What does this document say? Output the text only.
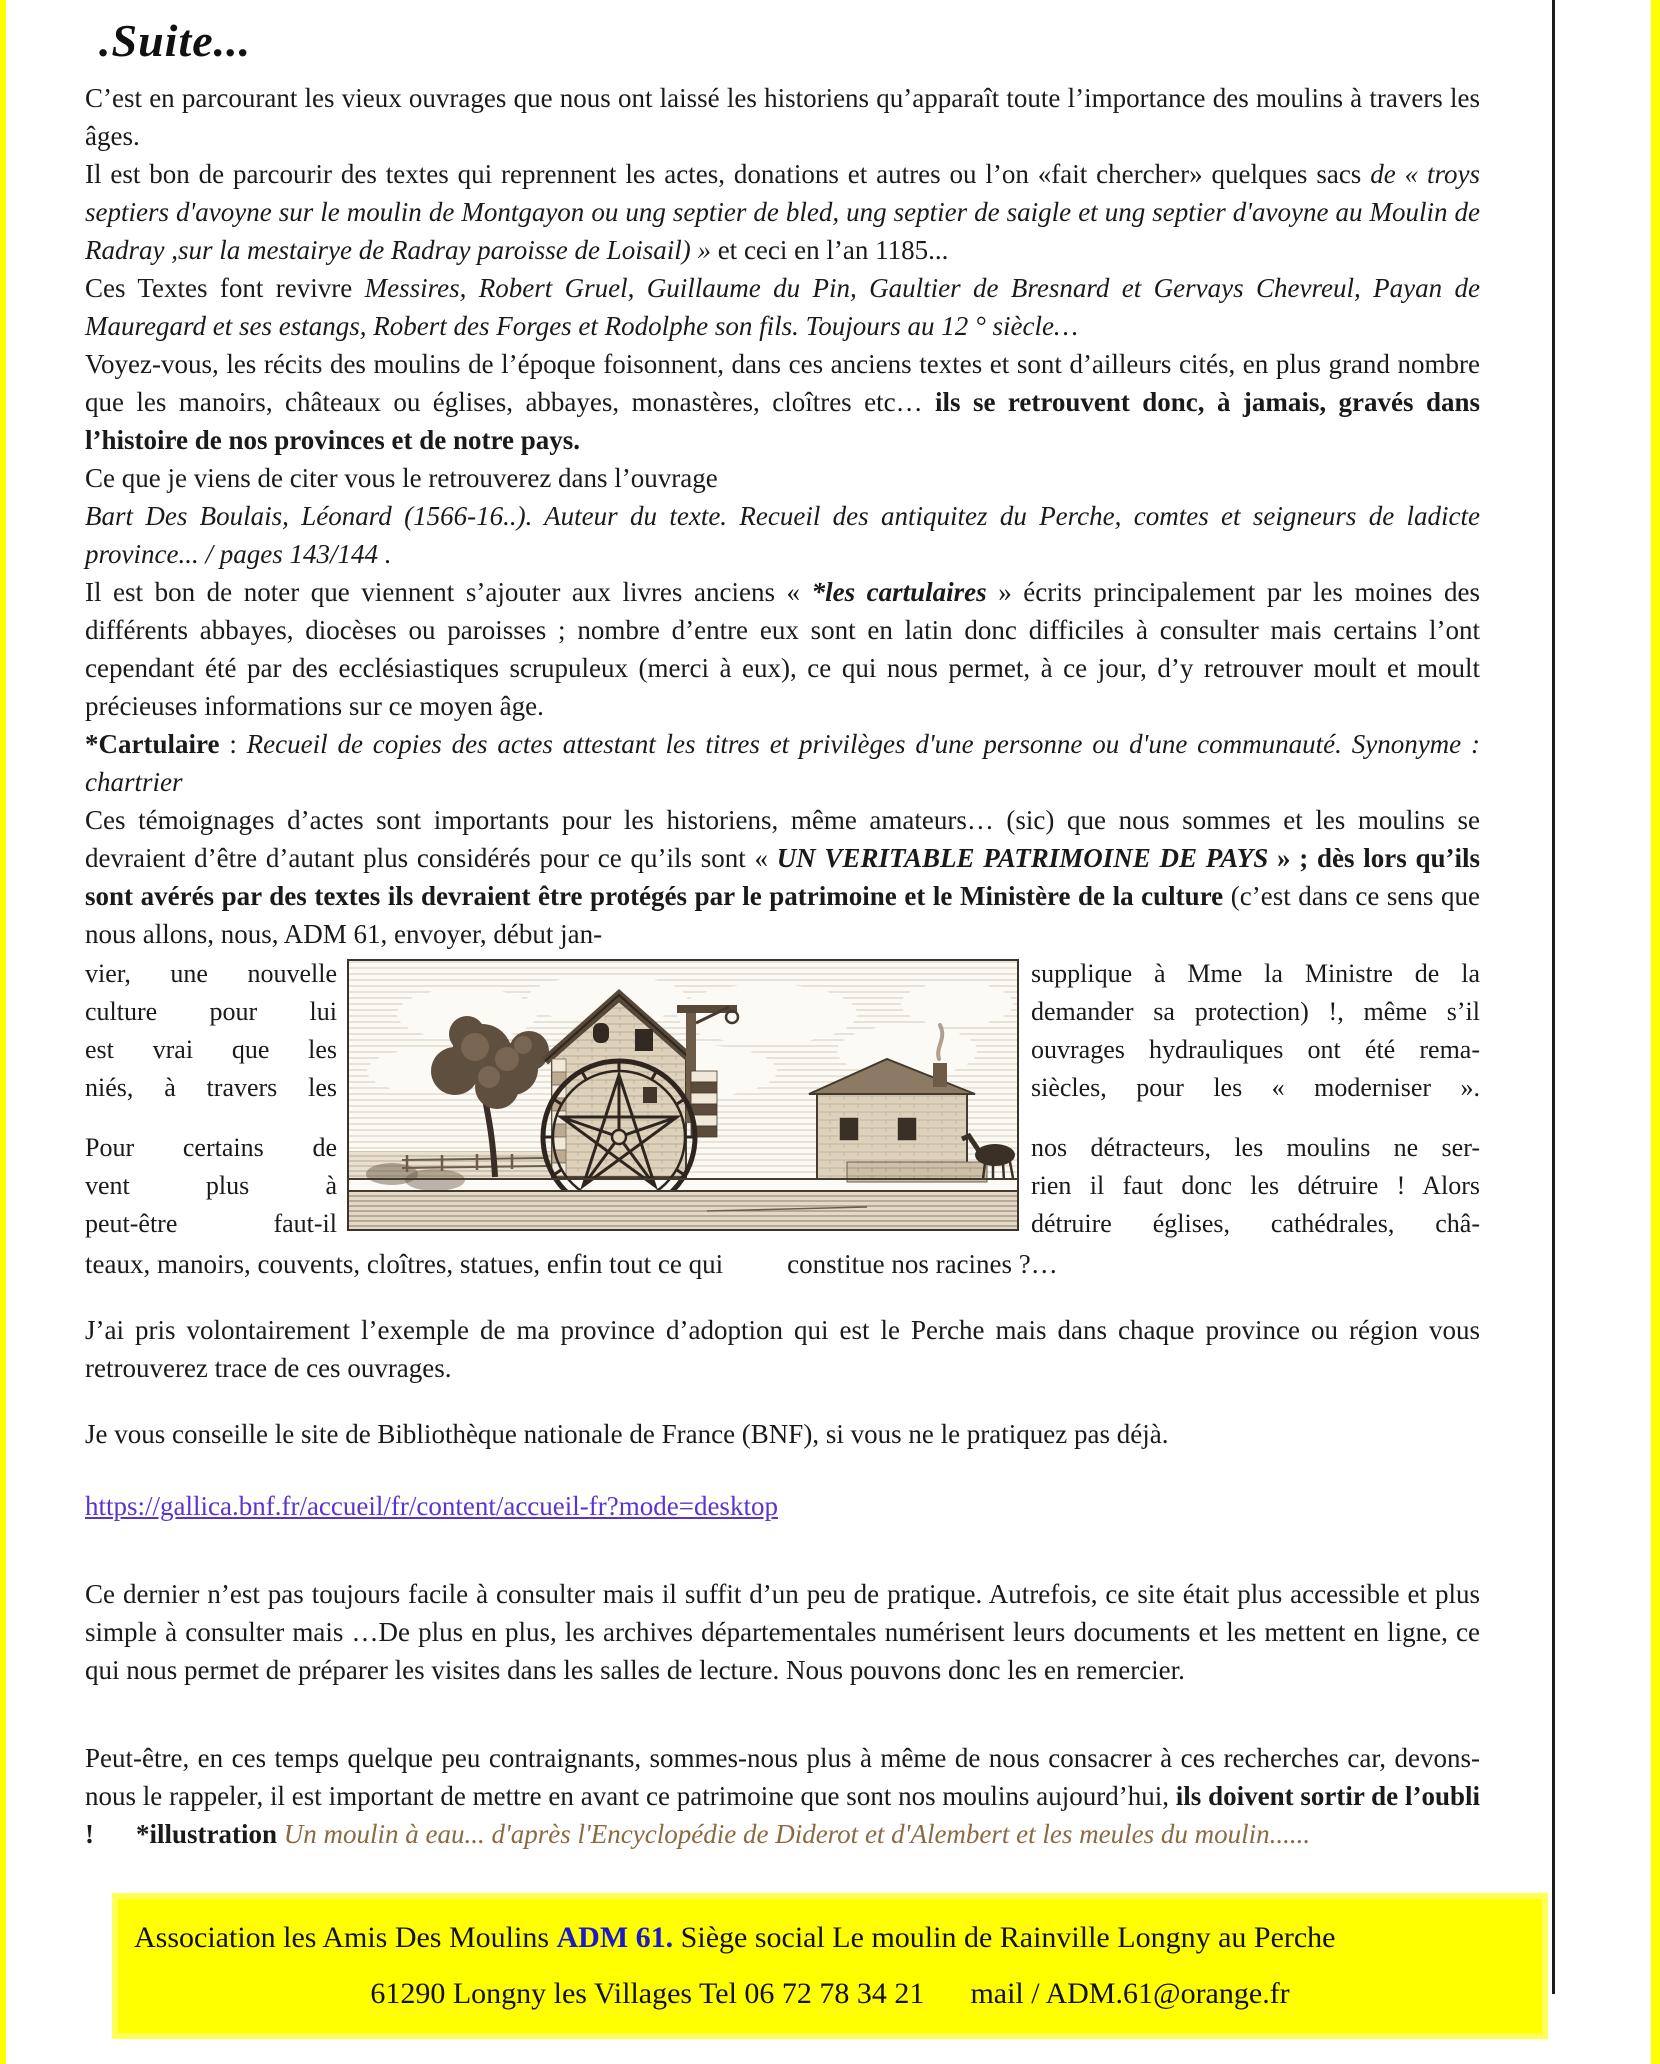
.Suite...

C’est en parcourant les vieux ouvrages que nous ont laissé les historiens qu’apparaît toute l’importance des moulins à travers les âges.

Il est bon de parcourir des textes qui reprennent les actes, donations et autres ou l’on «fait chercher» quelques sacs de « troys septiers d'avoyne sur le moulin de Montgayon ou ung septier de bled, ung septier de saigle et ung septier d'avoyne au Moulin de Radray ,sur la mestairye de Radray paroisse de Loisail) » et ceci en l’an 1185...

Ces Textes font revivre Messires, Robert Gruel, Guillaume du Pin, Gaultier de Bresnard et Gervays Chevreul, Payan de Mauregard et ses estangs, Robert des Forges et Rodolphe son fils. Toujours au 12 ° siècle…

Voyez-vous, les récits des moulins de l’époque foisonnent, dans ces anciens textes et sont d’ailleurs cités, en plus grand nombre que les manoirs, châteaux ou églises, abbayes, monastères, cloîtres etc… ils se retrouvent donc, à jamais, gravés dans l’histoire de nos provinces et de notre pays.

Ce que je viens de citer vous le retrouverez dans l’ouvrage

Bart Des Boulais, Léonard (1566-16..). Auteur du texte. Recueil des antiquitez du Perche, comtes et seigneurs de ladicte province... / pages 143/144 .

Il est bon de noter que viennent s’ajouter aux livres anciens « *les cartulaires » écrits principalement par les moines des différents abbayes, diocèses ou paroisses ; nombre d’entre eux sont en latin donc difficiles à consulter mais certains l’ont cependant été par des ecclésiastiques scrupuleux (merci à eux), ce qui nous permet, à ce jour, d’y retrouver moult et moult précieuses informations sur ce moyen âge.

*Cartulaire : Recueil de copies des actes attestant les titres et privilèges d'une personne ou d'une communauté. Synonyme : chartrier

Ces témoignages d’actes sont importants pour les historiens, même amateurs… (sic) que nous sommes et les moulins se devraient d’être d’autant plus considérés pour ce qu’ils sont « UN VERITABLE PATRIMOINE DE PAYS » ; dès lors qu’ils sont avérés par des textes ils devraient être protégés par le patrimoine et le Ministère de la culture (c’est dans ce sens que nous allons, nous, ADM 61, envoyer, début jan-

vier, une nouvelle
culture pour lui
est vrai que les
niés, à travers les
Pour certains de
vent plus à
peut-être faut-il
supplique à Mme la Ministre de la
demander sa protection) !, même s’il
ouvrages hydrauliques ont été rema-
siècles, pour les « moderniser ».
nos détracteurs, les moulins ne ser-
rien il faut donc les détruire ! Alors
détruire églises, cathédrales, châ-

teaux, manoirs, couvents, cloîtres, statues, enfin tout ce qui constitue nos racines ?…

J’ai pris volontairement l’exemple de ma province d’adoption qui est le Perche mais dans chaque province ou région vous retrouverez trace de ces ouvrages.

Je vous conseille le site de Bibliothèque nationale de France (BNF), si vous ne le pratiquez pas déjà.

https://gallica.bnf.fr/accueil/fr/content/accueil-fr?mode=desktop

Ce dernier n’est pas toujours facile à consulter mais il suffit d’un peu de pratique. Autrefois, ce site était plus accessible et plus simple à consulter mais …De plus en plus, les archives départementales numérisent leurs documents et les mettent en ligne, ce qui nous permet de préparer les visites dans les salles de lecture. Nous pouvons donc les en remercier.

Peut-être, en ces temps quelque peu contraignants, sommes-nous plus à même de nous consacrer à ces recherches car, devons-nous le rappeler, il est important de mettre en avant ce patrimoine que sont nos moulins aujourd’hui, ils doivent sortir de l’oubli ! *illustration Un moulin à eau... d'après l'Encyclopédie de Diderot et d'Alembert et les meules du moulin......

Association les Amis Des Moulins ADM 61. Siège social Le moulin de Rainville Longny au Perche
61290 Longny les Villages Tel 06 72 78 34 21 mail / ADM.61@orange.fr
